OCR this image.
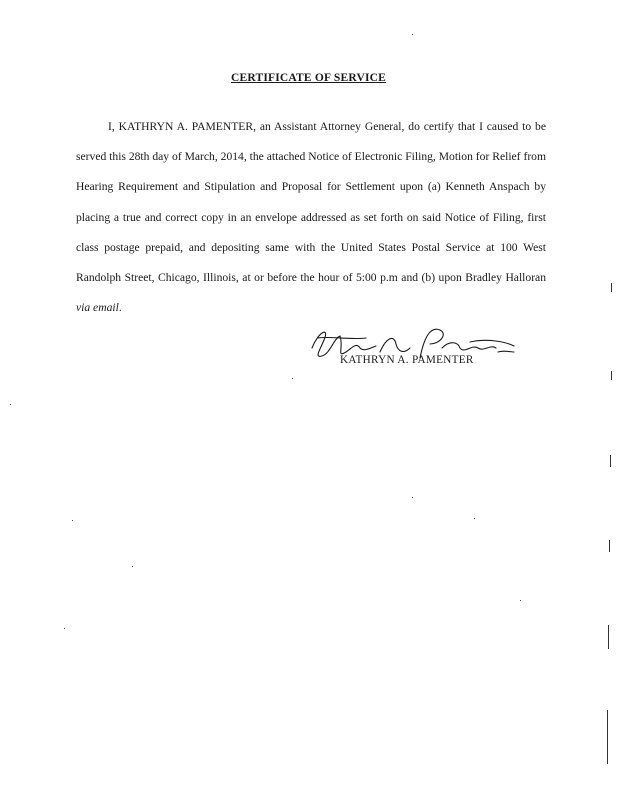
CERTIFICATE OF SERVICE

I, KATHRYN A. PAMENTER, an Assistant Attorney General, do certify that I caused to be served this 28th day of March, 2014, the attached Notice of Electronic Filing, Motion for Relief from Hearing Requirement and Stipulation and Proposal for Settlement upon (a) Kenneth Anspach by placing a true and correct copy in an envelope addressed as set forth on said Notice of Filing, first class postage prepaid, and depositing same with the United States Postal Service at 100 West Randolph Street, Chicago, Illinois, at or before the hour of 5:00 p.m and (b) upon Bradley Halloran via email.

KATHRYN A. PAMENTER
